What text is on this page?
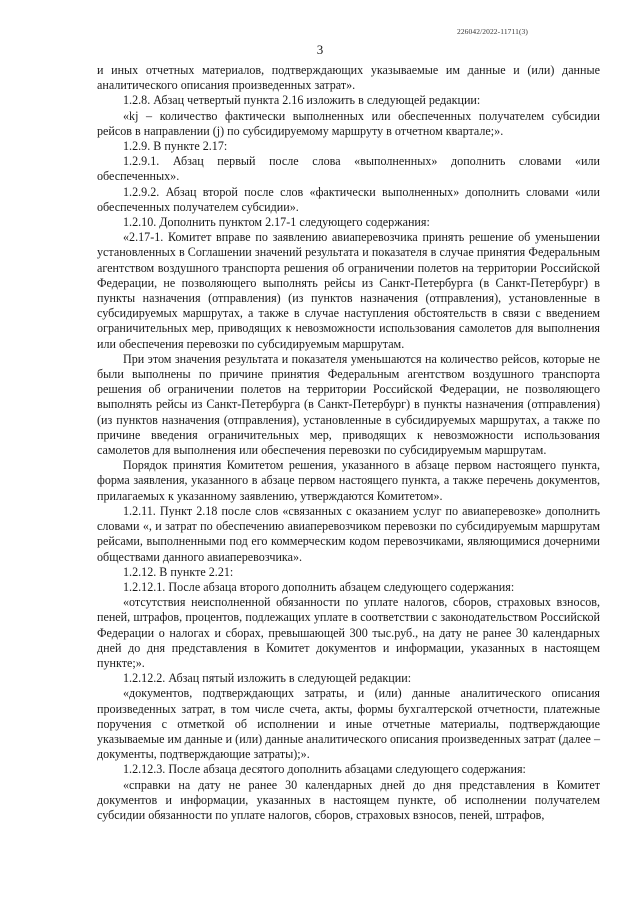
226042/2022-11711(3)
3

и иных отчетных материалов, подтверждающих указываемые им данные и (или) данные аналитического описания произведенных затрат».

1.2.8. Абзац четвертый пункта 2.16 изложить в следующей редакции:

«kj – количество фактически выполненных или обеспеченных получателем субсидии рейсов в направлении (j) по субсидируемому маршруту в отчетном квартале;».

1.2.9. В пункте 2.17:

1.2.9.1. Абзац первый после слова «выполненных» дополнить словами «или обеспеченных».

1.2.9.2. Абзац второй после слов «фактически выполненных» дополнить словами «или обеспеченных получателем субсидии».

1.2.10. Дополнить пунктом 2.17-1 следующего содержания:

«2.17-1. Комитет вправе по заявлению авиаперевозчика принять решение об уменьшении установленных в Соглашении значений результата и показателя в случае принятия Федеральным агентством воздушного транспорта решения об ограничении полетов на территории Российской Федерации, не позволяющего выполнять рейсы из Санкт-Петербурга (в Санкт-Петербург) в пункты назначения (отправления) (из пунктов назначения (отправления), установленные в субсидируемых маршрутах, а также в случае наступления обстоятельств в связи с введением ограничительных мер, приводящих к невозможности использования самолетов для выполнения или обеспечения перевозки по субсидируемым маршрутам.

При этом значения результата и показателя уменьшаются на количество рейсов, которые не были выполнены по причине принятия Федеральным агентством воздушного транспорта решения об ограничении полетов на территории Российской Федерации, не позволяющего выполнять рейсы из Санкт-Петербурга (в Санкт-Петербург) в пункты назначения (отправления) (из пунктов назначения (отправления), установленные в субсидируемых маршрутах, а также по причине введения ограничительных мер, приводящих к невозможности использования самолетов для выполнения или обеспечения перевозки по субсидируемым маршрутам.

Порядок принятия Комитетом решения, указанного в абзаце первом настоящего пункта, форма заявления, указанного в абзаце первом настоящего пункта, а также перечень документов, прилагаемых к указанному заявлению, утверждаются Комитетом».

1.2.11. Пункт 2.18 после слов «связанных с оказанием услуг по авиаперевозке» дополнить словами «, и затрат по обеспечению авиаперевозчиком перевозки по субсидируемым маршрутам рейсами, выполненными под его коммерческим кодом перевозчиками, являющимися дочерними обществами данного авиаперевозчика».

1.2.12. В пункте 2.21:

1.2.12.1. После абзаца второго дополнить абзацем следующего содержания:

«отсутствия неисполненной обязанности по уплате налогов, сборов, страховых взносов, пеней, штрафов, процентов, подлежащих уплате в соответствии с законодательством Российской Федерации о налогах и сборах, превышающей 300 тыс.руб., на дату не ранее 30 календарных дней до дня представления в Комитет документов и информации, указанных в настоящем пункте;».

1.2.12.2. Абзац пятый изложить в следующей редакции:

«документов, подтверждающих затраты, и (или) данные аналитического описания произведенных затрат, в том числе счета, акты, формы бухгалтерской отчетности, платежные поручения с отметкой об исполнении и иные отчетные материалы, подтверждающие указываемые им данные и (или) данные аналитического описания произведенных затрат (далее – документы, подтверждающие затраты);».

1.2.12.3. После абзаца десятого дополнить абзацами следующего содержания:

«справки на дату не ранее 30 календарных дней до дня представления в Комитет документов и информации, указанных в настоящем пункте, об исполнении получателем субсидии обязанности по уплате налогов, сборов, страховых взносов, пеней, штрафов,
